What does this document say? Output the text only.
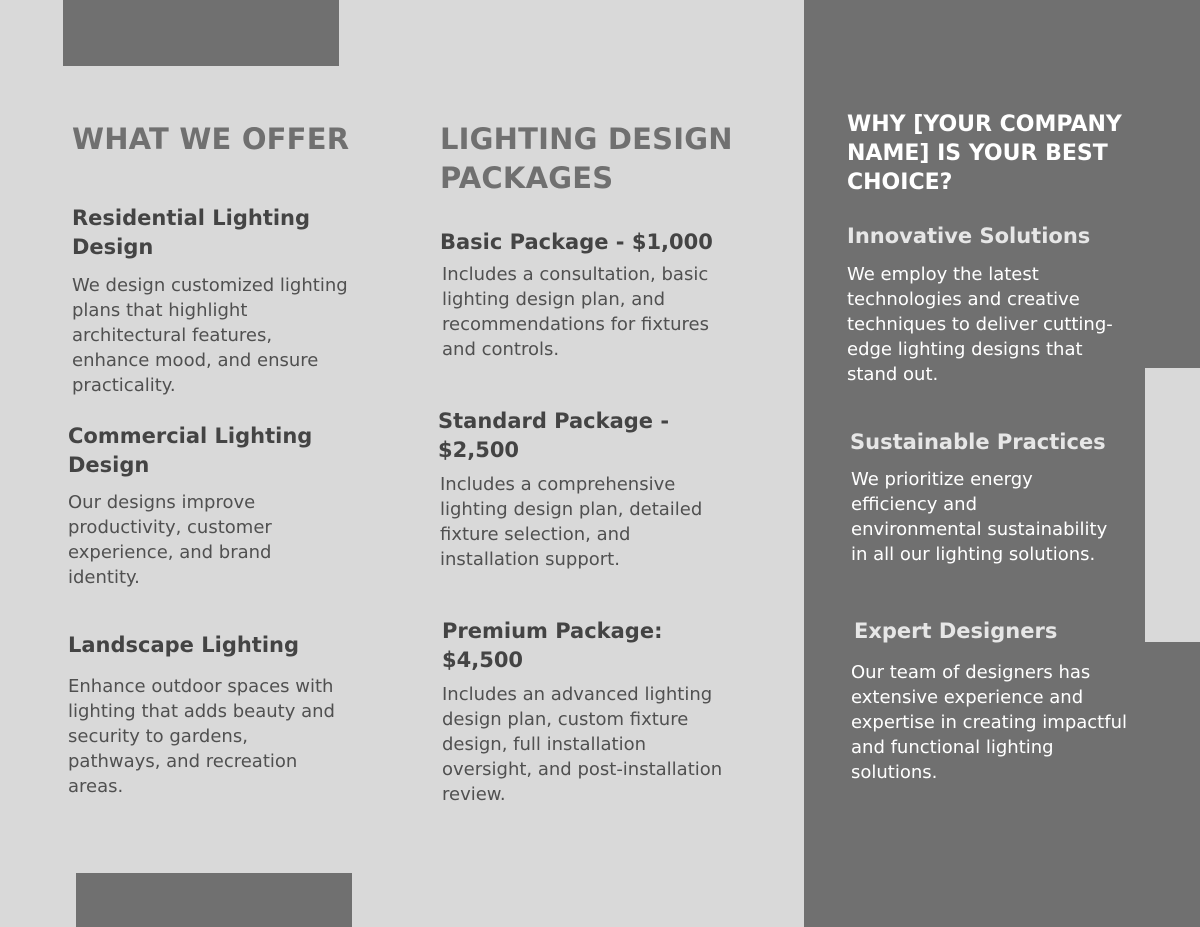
WHAT WE OFFER
Residential Lighting Design

We design customized lighting plans that highlight architectural features, enhance mood, and ensure practicality.

Commercial Lighting Design

Our designs improve productivity, customer experience, and brand identity.

Landscape Lighting

Enhance outdoor spaces with lighting that adds beauty and security to gardens, pathways, and recreation areas.

LIGHTING DESIGN PACKAGES
Basic Package - $1,000

Includes a consultation, basic lighting design plan, and recommendations for fixtures and controls.

Standard Package - $2,500

Includes a comprehensive lighting design plan, detailed fixture selection, and installation support.

Premium Package: $4,500

Includes an advanced lighting design plan, custom fixture design, full installation oversight, and post-installation review.

WHY [YOUR COMPANY NAME] IS YOUR BEST CHOICE?
Innovative Solutions

We employ the latest technologies and creative techniques to deliver cutting-edge lighting designs that stand out.

Sustainable Practices

We prioritize energy efficiency and environmental sustainability in all our lighting solutions.

Expert Designers

Our team of designers has extensive experience and expertise in creating impactful and functional lighting solutions.
